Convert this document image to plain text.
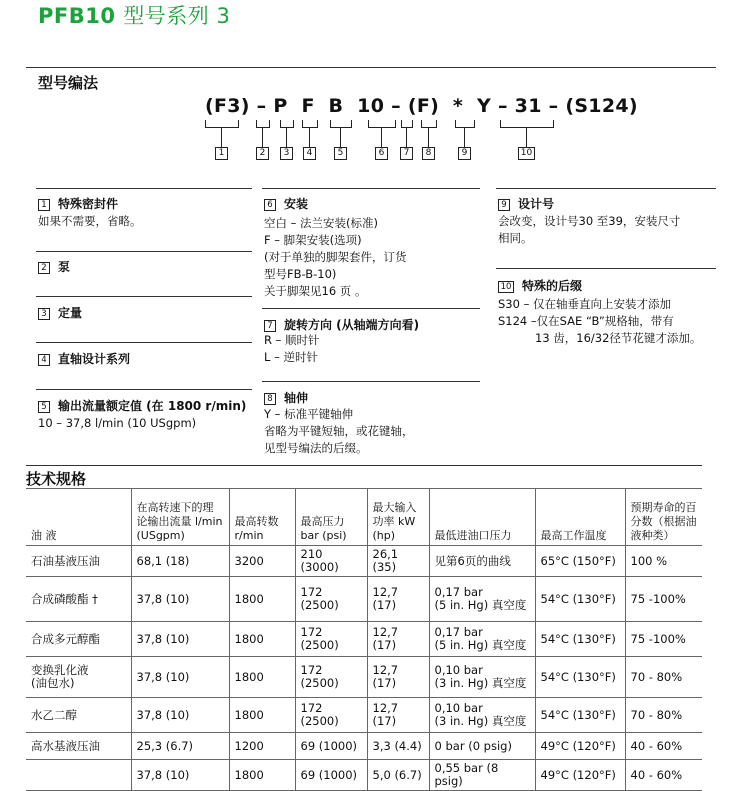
PFB10 型号系列 3
型号编法
(F3) – P  F  B  10 – (F)  *  Y – 31 – (S124)
1	2	3	4	5	6	7	8	9	10
1 特殊密封件
如果不需要，省略。
2 泵
3 定量
4 直轴设计系列
5 输出流量额定值 (在 1800 r/min)
10 – 37,8 l/min (10 USgpm)
6 安装
空白 – 法兰安装(标准)
F – 脚架安装(选项)
(对于单独的脚架套件，订货
型号FB-B-10)
关于脚架见16 页 。
7 旋转方向 (从轴端方向看)
R – 顺时针
L – 逆时针
8 轴伸
Y – 标准平键轴伸
省略为平键短轴，或花键轴，
见型号编法的后缀。
9 设计号
会改变，设计号30 至39，安装尺寸
相同。
10 特殊的后缀
S30 – 仅在轴垂直向上安装才添加
S124 –仅在SAE “B”规格轴，带有
13 齿，16/32径节花键才添加。
技术规格
油 液	在高转速下的理论输出流量 l/min (USgpm)	最高转数 r/min	最高压力 bar (psi)	最大输入功率 kW (hp)	最低进油口压力	最高工作温度	预期寿命的百分数（根据油液种类）
石油基液压油	68,1 (18)	3200	210 (3000)	26,1 (35)	见第6页的曲线	65°C (150°F)	100 %
合成磷酸酯 †	37,8 (10)	1800	172 (2500)	12,7 (17)	0,17 bar
(5 in. Hg) 真空度	54°C (130°F)	75 -100%
合成多元醇酯	37,8 (10)	1800	172 (2500)	12,7 (17)	0,17 bar
(5 in. Hg) 真空度	54°C (130°F)	75 -100%
变换乳化液
(油包水)	37,8 (10)	1800	172 (2500)	12,7 (17)	0,10 bar
(3 in. Hg) 真空度	54°C (130°F)	70 - 80%
水乙二醇	37,8 (10)	1800	172 (2500)	12,7 (17)	0,10 bar
(3 in. Hg) 真空度	54°C (130°F)	70 - 80%
高水基液压油	25,3 (6.7)	1200	69 (1000)	3,3 (4.4)	0 bar (0 psig)	49°C (120°F)	40 - 60%
	37,8 (10)	1800	69 (1000)	5,0 (6.7)	0,55 bar (8 psig)	49°C (120°F)	40 - 60%
